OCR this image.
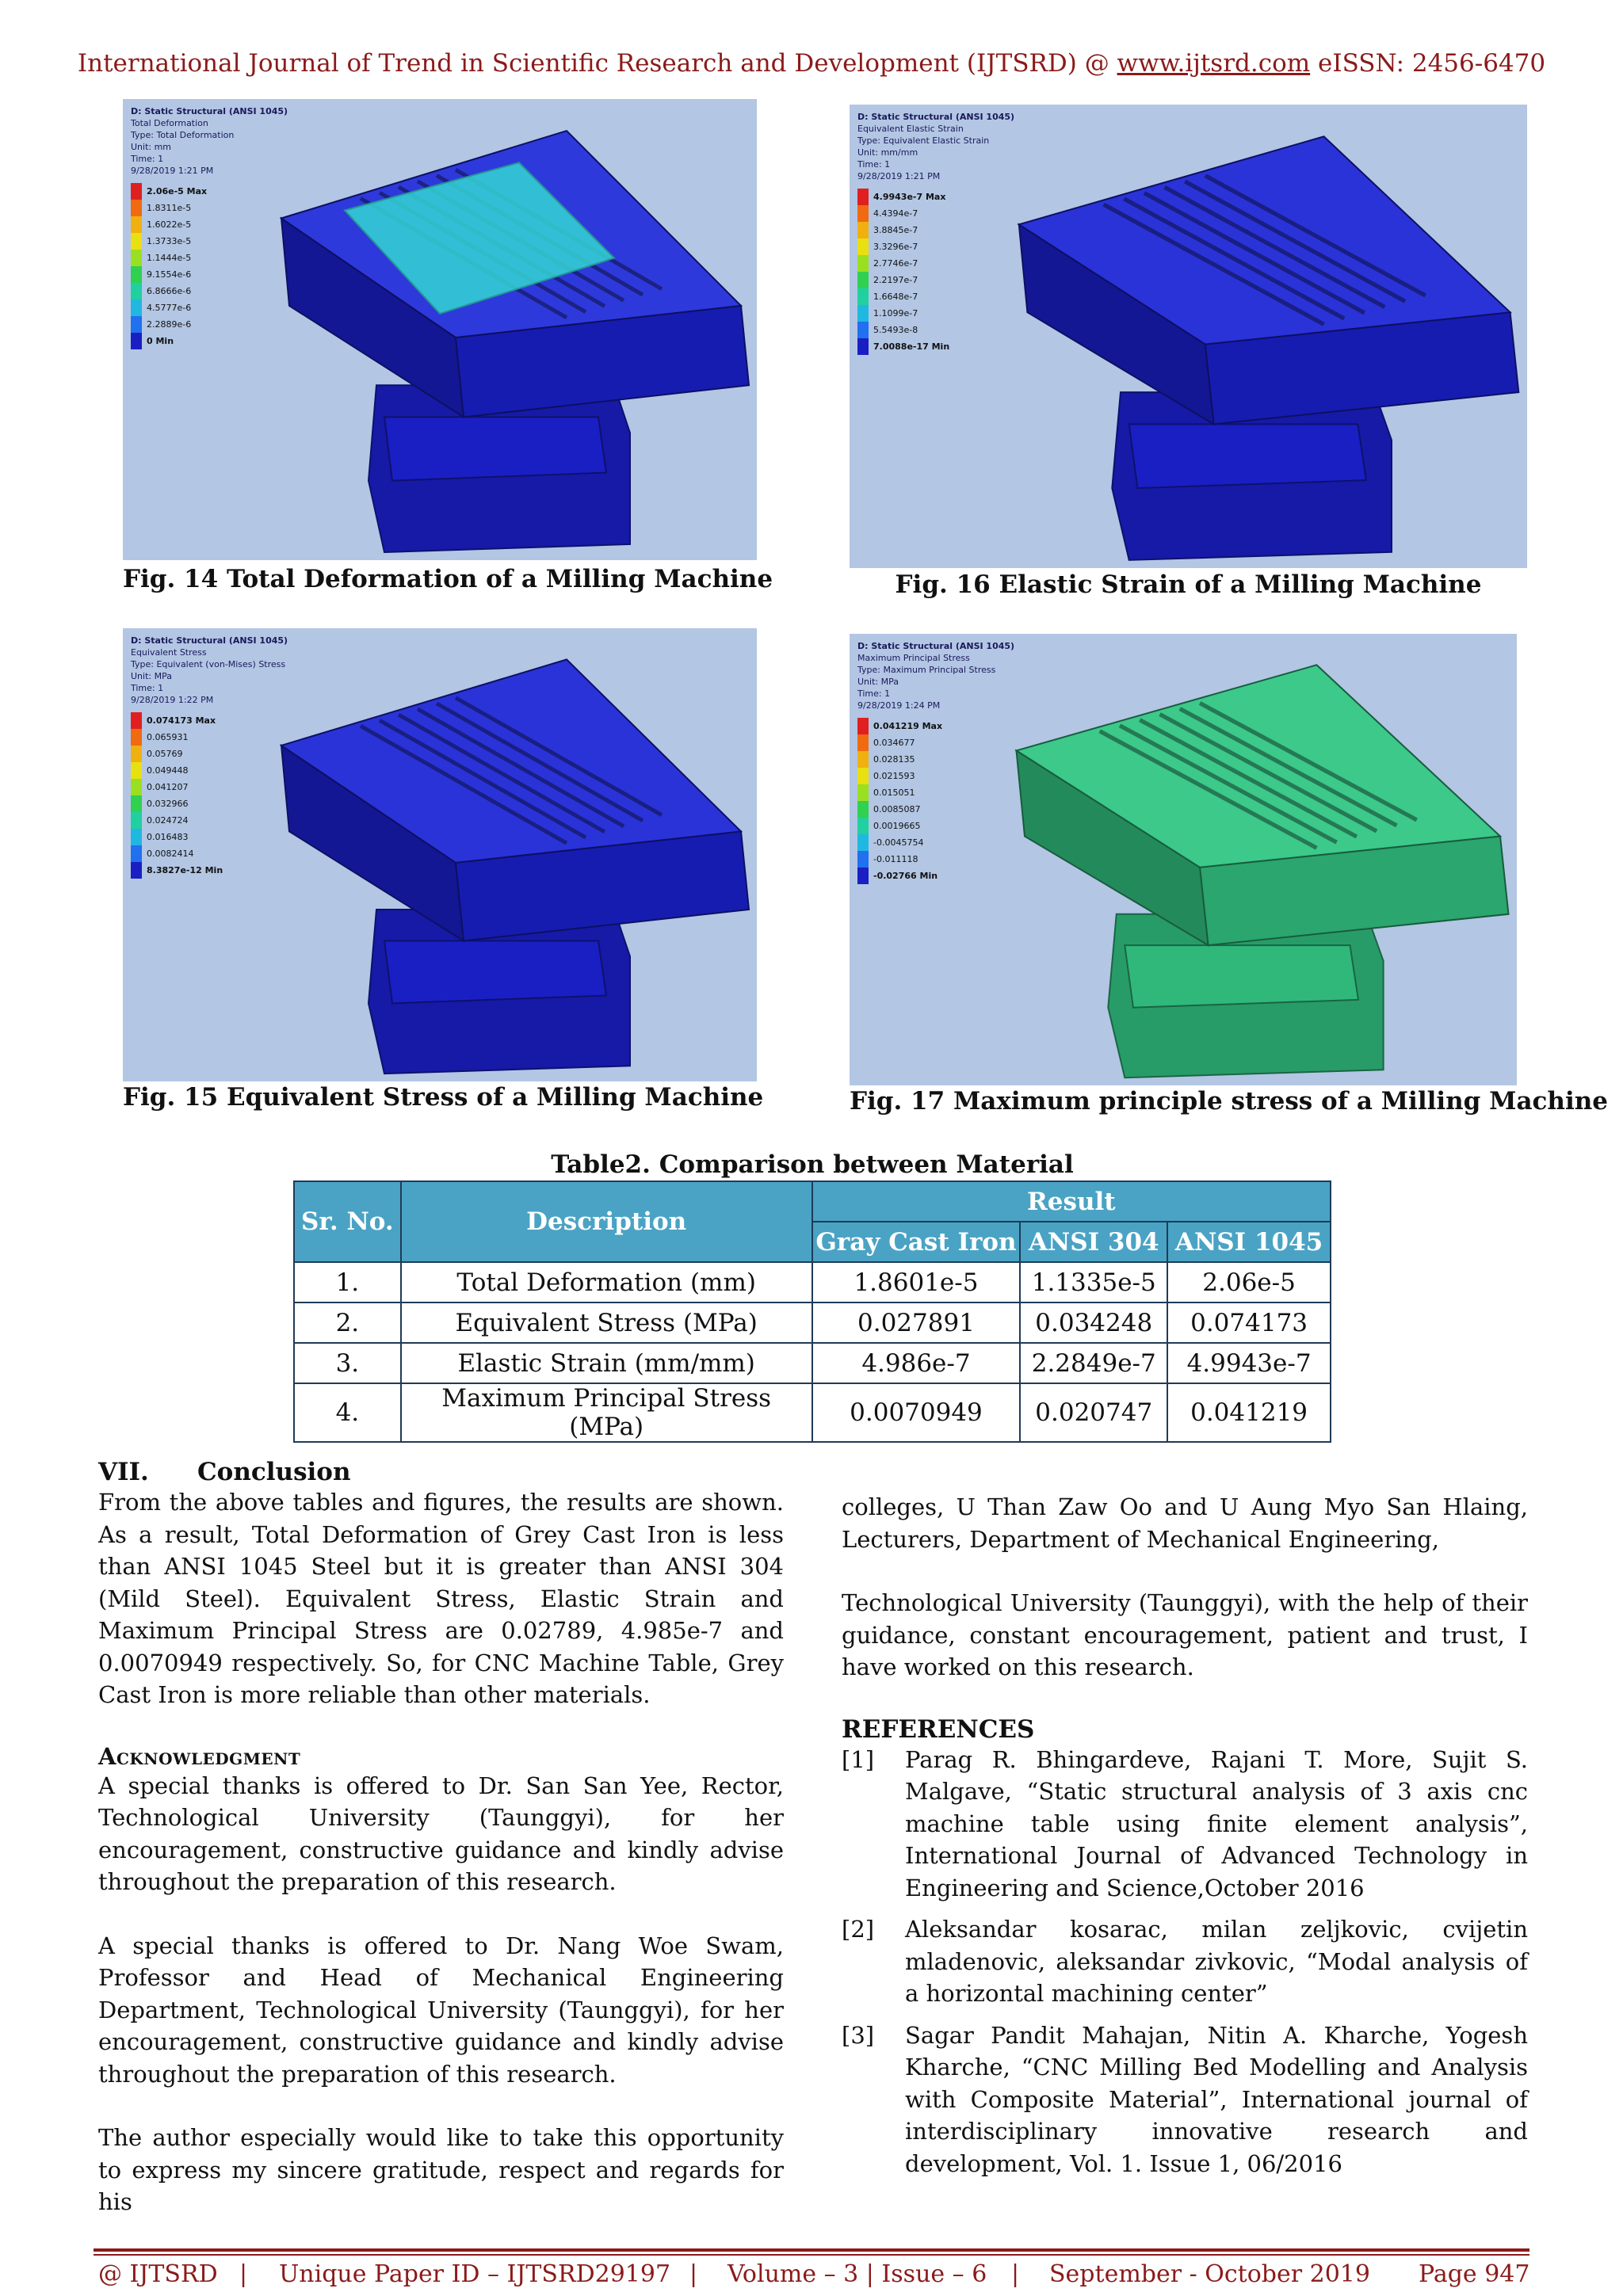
International Journal of Trend in Scientific Research and Development (IJTSRD) @ www.ijtsrd.com eISSN: 2456-6470
D: Static Structural (ANSI 1045)
Total Deformation
Type: Total Deformation
Unit: mm
Time: 1
9/28/2019 1:21 PM
2.06e-5 Max
1.8311e-5
1.6022e-5
1.3733e-5
1.1444e-5
9.1554e-6
6.8666e-6
4.5777e-6
2.2889e-6
0 Min
Fig. 14 Total Deformation of a Milling Machine
D: Static Structural (ANSI 1045)
Equivalent Elastic Strain
Type: Equivalent Elastic Strain
Unit: mm/mm
Time: 1
9/28/2019 1:21 PM
4.9943e-7 Max
4.4394e-7
3.8845e-7
3.3296e-7
2.7746e-7
2.2197e-7
1.6648e-7
1.1099e-7
5.5493e-8
7.0088e-17 Min
Fig. 16 Elastic Strain of a Milling Machine
D: Static Structural (ANSI 1045)
Equivalent Stress
Type: Equivalent (von-Mises) Stress
Unit: MPa
Time: 1
9/28/2019 1:22 PM
0.074173 Max
0.065931
0.05769
0.049448
0.041207
0.032966
0.024724
0.016483
0.0082414
8.3827e-12 Min
Fig. 15 Equivalent Stress of a Milling Machine
D: Static Structural (ANSI 1045)
Maximum Principal Stress
Type: Maximum Principal Stress
Unit: MPa
Time: 1
9/28/2019 1:24 PM
0.041219 Max
0.034677
0.028135
0.021593
0.015051
0.0085087
0.0019665
-0.0045754
-0.011118
-0.02766 Min
Fig. 17 Maximum principle stress of a Milling Machine
Table2. Comparison between Material
Sr. No.	Description	Result		
		Gray Cast Iron	ANSI 304	ANSI 1045
1.	Total Deformation (mm)	1.8601e-5	1.1335e-5	2.06e-5
2.	Equivalent Stress (MPa)	0.027891	0.034248	0.074173
3.	Elastic Strain (mm/mm)	4.986e-7	2.2849e-7	4.9943e-7
4.	Maximum Principal Stress (MPa)	0.0070949	0.020747	0.041219
VII.	Conclusion
From the above tables and figures, the results are shown. As a result, Total Deformation of Grey Cast Iron is less than ANSI 1045 Steel but it is greater than ANSI 304 (Mild Steel). Equivalent Stress, Elastic Strain and Maximum Principal Stress are 0.02789, 4.985e-7 and 0.0070949 respectively. So, for CNC Machine Table, Grey Cast Iron is more reliable than other materials.
Acknowledgment
A special thanks is offered to Dr. San San Yee, Rector, Technological University (Taunggyi), for her encouragement, constructive guidance and kindly advise throughout the preparation of this research.
A special thanks is offered to Dr. Nang Woe Swam, Professor and Head of Mechanical Engineering Department, Technological University (Taunggyi), for her encouragement, constructive guidance and kindly advise throughout the preparation of this research.
The author especially would like to take this opportunity to express my sincere gratitude, respect and regards for his
colleges, U Than Zaw Oo and U Aung Myo San Hlaing, Lecturers, Department of Mechanical Engineering,
Technological University (Taunggyi), with the help of their guidance, constant encouragement, patient and trust, I have worked on this research.
REFERENCES
[1]	Parag R. Bhingardeve, Rajani T. More, Sujit S. Malgave, “Static structural analysis of 3 axis cnc machine table using finite element analysis”, International Journal of Advanced Technology in Engineering and Science,October 2016
[2]	Aleksandar kosarac, milan zeljkovic, cvijetin mladenovic, aleksandar zivkovic, “Modal analysis of a horizontal machining center”
[3]	Sagar Pandit Mahajan, Nitin A. Kharche, Yogesh Kharche, “CNC Milling Bed Modelling and Analysis with Composite Material”, International journal of interdisciplinary innovative research and development, Vol. 1. Issue 1, 06/2016
@ IJTSRD | Unique Paper ID – IJTSRD29197 | Volume – 3 | Issue – 6 | September - October 2019 Page 947
